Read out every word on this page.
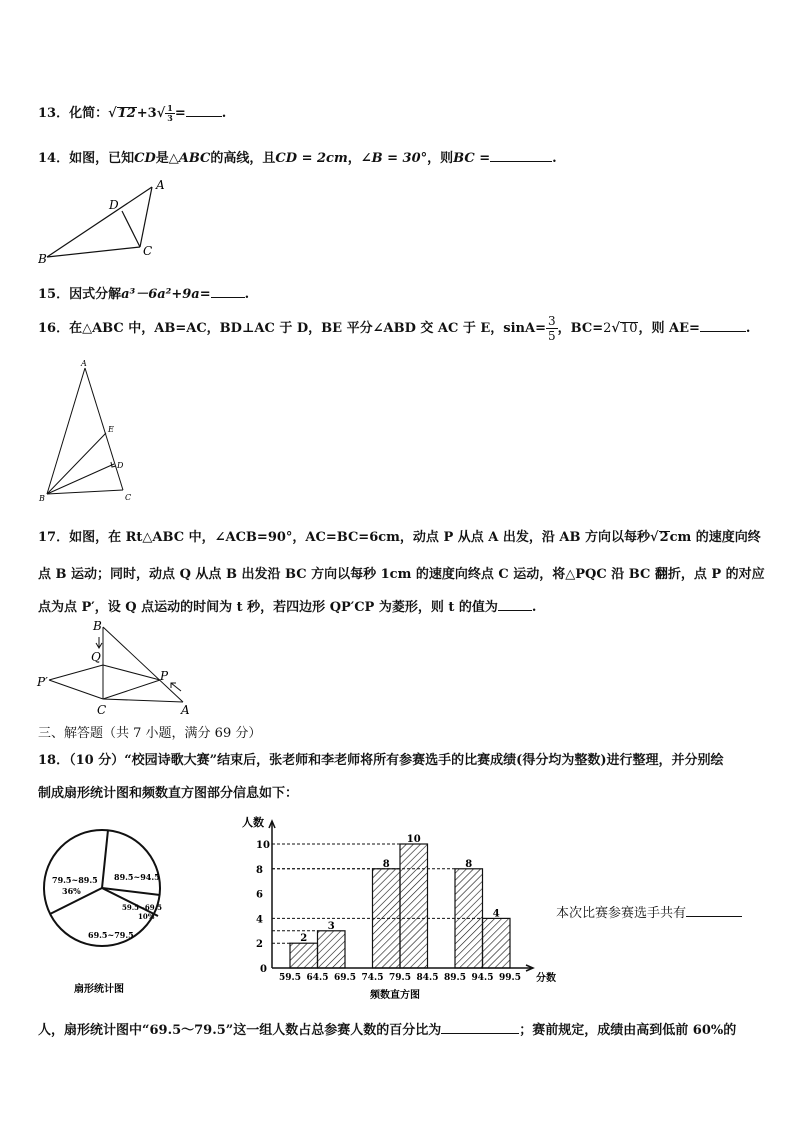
13．化简：$√12+3√ \frac{1}{3}$ =	.
14．如图，已知CD是△ABC的高线，且CD = 2cm，∠B = 30°，则BC =	.
A
B
C
D
15．因式分解a³－6a²+9a=	.
16．在△ABC 中，AB=AC，BD⊥AC 于 D，BE 平分∠ABD 交 AC 于 E，$\sin A= \frac{3}{5}$ ，BC=2√10，则 AE=	.
A
B	C
D
E
17．如图，在 Rt△ABC 中，∠ACB=90°，AC=BC=6cm，动点 P 从点 A 出发，沿 AB 方向以每秒√2cm 的速度向终
点 B 运动；同时，动点 Q 从点 B 出发沿 BC 方向以每秒 1cm 的速度向终点 C 运动，将△PQC 沿 BC 翻折，点 P 的对应
点为点 P′，设 Q 点运动的时间为 t 秒，若四边形 QP′CP 为菱形，则 t 的值为	.
B
Q
P
P′
C	A
三、解答题（共 7 小题，满分 69 分）
18．（10 分）“校园诗歌大赛”结束后，张老师和李老师将所有参赛选手的比赛成绩(得分均为整数)进行整理，并分别绘
制成扇形统计图和频数直方图部分信息如下：
79.5~89.5
36%
89.5~94.5
59.5~69.5
10%
69.5~79.5
扇形统计图
2
4
6
8
10
2
3
8
10
8
4
59.5 64.5 69.5 74.5 79.5 84.5 89.5 94.5 99.5
人数
分数
0
频数直方图
本次比赛参赛选手共有
人，扇形统计图中“69.5～79.5”这一组人数占总参赛人数的百分比为	；赛前规定，成绩由高到低前 60%的
